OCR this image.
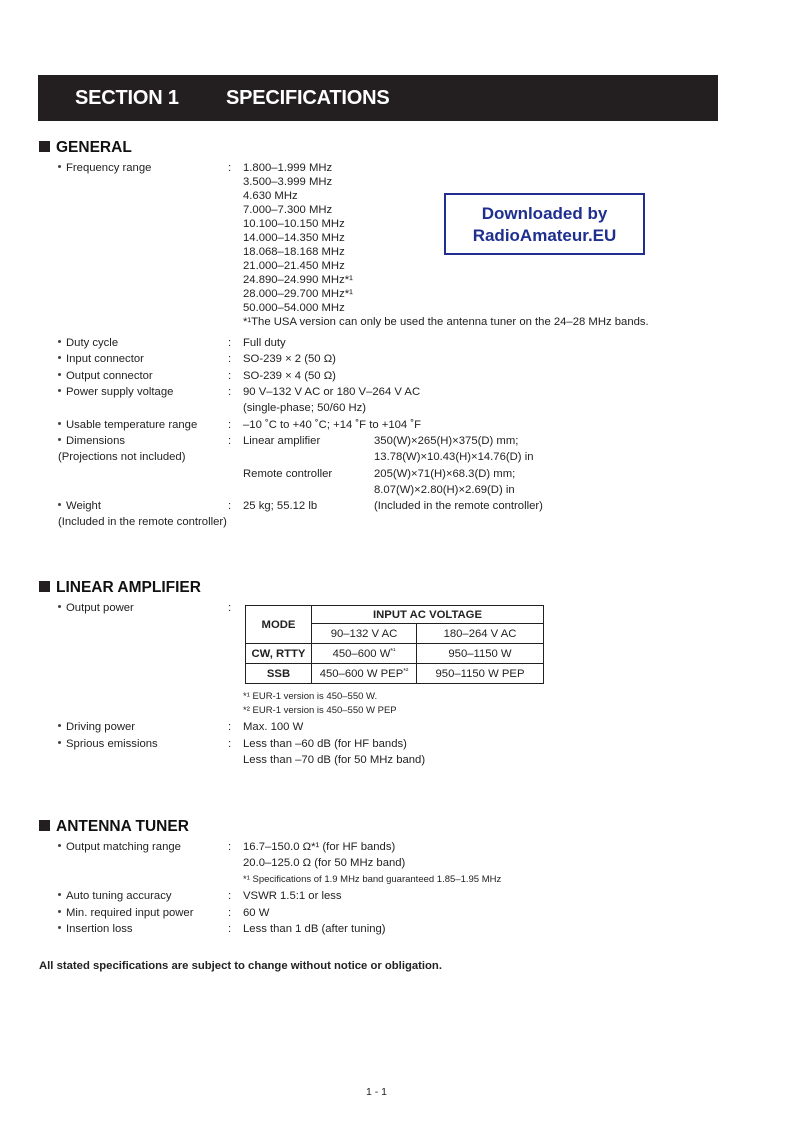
SECTION 1 SPECIFICATIONS
GENERAL
Frequency range	: 1.800–1.999 MHz
3.500–3.999 MHz
4.630 MHz
7.000–7.300 MHz
10.100–10.150 MHz
14.000–14.350 MHz
18.068–18.168 MHz
21.000–21.450 MHz
24.890–24.990 MHz*¹
28.000–29.700 MHz*¹
50.000–54.000 MHz
*¹The USA version can only be used the antenna tuner on the 24–28 MHz bands.
Downloaded by
RadioAmateur.EU
Duty cycle	: Full duty
Input connector	: SO-239 × 2 (50 Ω)
Output connector	: SO-239 × 4 (50 Ω)
Power supply voltage	: 90 V–132 V AC or 180 V–264 V AC
(single-phase; 50/60 Hz)
Usable temperature range	: –10 ˚C to +40 ˚C; +14 ˚F to +104 ˚F
Dimensions	:
(Projections not included)
Linear amplifier	350(W)×265(H)×375(D) mm;
13.78(W)×10.43(H)×14.76(D) in
Remote controller	205(W)×71(H)×68.3(D) mm;
8.07(W)×2.80(H)×2.69(D) in
Weight	: 25 kg; 55.12 lb	(Included in the remote controller)
(Included in the remote controller)
LINEAR AMPLIFIER
Output power	:
MODE	INPUT AC VOLTAGE	
	90–132 V AC	180–264 V AC
CW, RTTY	450–600 $W^{*^1}$	950–1150 W
SSB	450–600 W $PEP^{*^2}$	950–1150 W PEP
*¹ EUR-1 version is 450–550 W.
*² EUR-1 version is 450–550 W PEP
Driving power	: Max. 100 W
Sprious emissions	: Less than –60 dB (for HF bands)
Less than –70 dB (for 50 MHz band)
ANTENNA TUNER
Output matching range	: 16.7–150.0 Ω*¹ (for HF bands)
20.0–125.0 Ω (for 50 MHz band)
*¹ Specifications of 1.9 MHz band guaranteed 1.85–1.95 MHz
Auto tuning accuracy	: VSWR 1.5:1 or less
Min. required input power	: 60 W
Insertion loss	: Less than 1 dB (after tuning)
All stated specifications are subject to change without notice or obligation.
1 - 1
